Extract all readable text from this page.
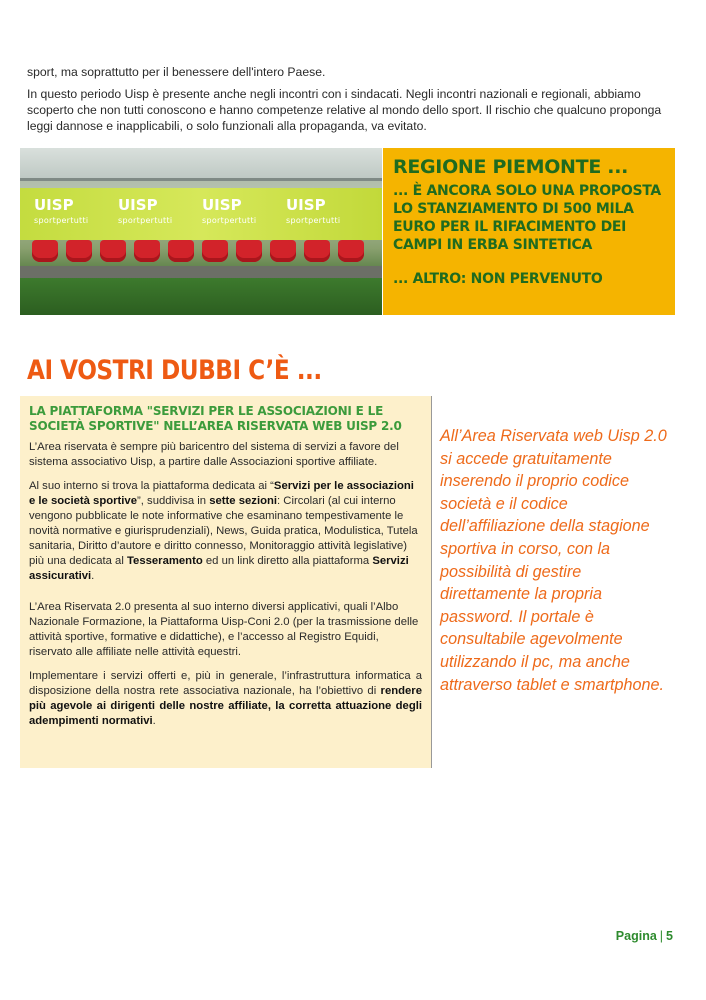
sport, ma soprattutto per il benessere dell'intero Paese.

In questo periodo Uisp è presente anche negli incontri con i sindacati. Negli incontri nazionali e regionali, abbiamo scoperto che non tutti conoscono e hanno competenze relative al mondo dello sport. Il rischio che qualcuno proponga leggi dannose e inapplicabili, o solo funzionali alla propaganda, va evitato.

UISP
sportpertutti
UISP
sportpertutti
UISP
sportpertutti
UISP
sportpertutti
REGIONE PIEMONTE ...
... È ANCORA SOLO UNA PROPOSTA LO STANZIAMENTO DI 500 MILA EURO PER IL RIFACIMENTO DEI CAMPI IN ERBA SINTETICA
... ALTRO: NON PERVENUTO
AI VOSTRI DUBBI C’È ...
LA PIATTAFORMA "SERVIZI PER LE ASSOCIAZIONI E LE SOCIETÀ SPORTIVE" NELL’AREA RISERVATA WEB UISP 2.0

L’Area riservata è sempre più baricentro del sistema di servizi a favore del sistema associativo Uisp, a partire dalle Associazioni sportive affiliate.

Al suo interno si trova la piattaforma dedicata ai “Servizi per le associazioni e le società sportive”, suddivisa in sette sezioni: Circolari (al cui interno vengono pubblicate le note informative che esaminano tempestivamente le novità normative e giurisprudenziali), News, Guida pratica, Modulistica, Tutela sanitaria, Diritto d’autore e diritto connesso, Monitoraggio attività legislative) più una dedicata al Tesseramento ed un link diretto alla piattaforma Servizi assicurativi.

L’Area Riservata 2.0 presenta al suo interno diversi applicativi, quali l’Albo Nazionale Formazione, la Piattaforma Uisp-Coni 2.0 (per la trasmissione delle attività sportive, formative e didattiche), e l’accesso al Registro Equidi, riservato alle affiliate nelle attività equestri.

Implementare i servizi offerti e, più in generale, l’infrastruttura informatica a disposizione della nostra rete associativa nazionale, ha l’obiettivo di rendere più agevole ai dirigenti delle nostre affiliate, la corretta attuazione degli adempimenti normativi.

All’Area Riservata web Uisp 2.0 si accede gratuitamente inserendo il proprio codice società e il codice dell’affiliazione della stagione sportiva in corso, con la possibilità di gestire direttamente la propria password. Il portale è consultabile agevolmente utilizzando il pc, ma anche attraverso tablet e smartphone.
Pagina | 5
